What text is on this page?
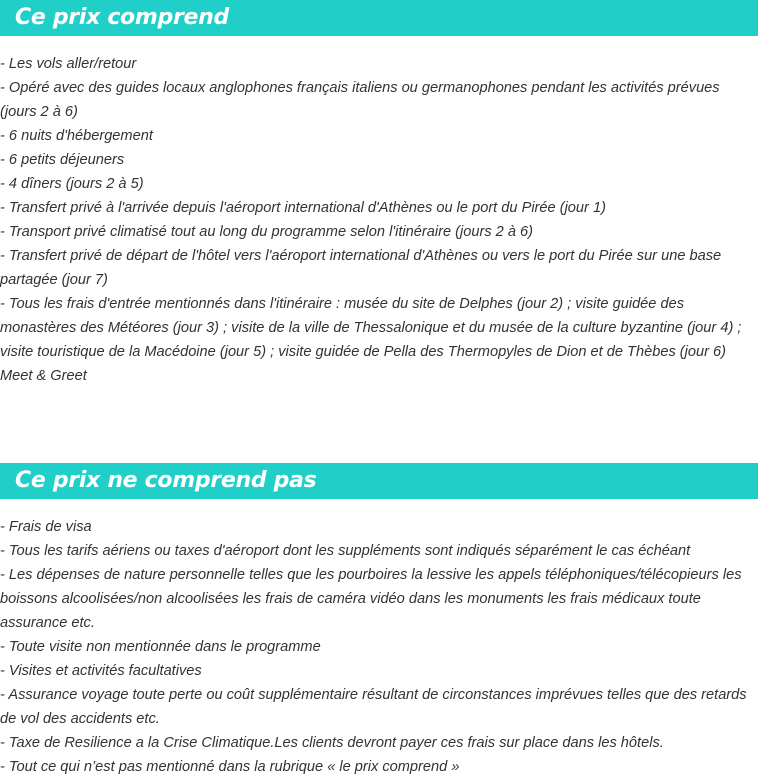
Ce prix comprend
- Les vols aller/retour
- Opéré avec des guides locaux anglophones français italiens ou germanophones pendant les activités prévues (jours 2 à 6)
- 6 nuits d'hébergement
- 6 petits déjeuners
- 4 dîners (jours 2 à 5)
- Transfert privé à l'arrivée depuis l'aéroport international d'Athènes ou le port du Pirée (jour 1)
- Transport privé climatisé tout au long du programme selon l'itinéraire (jours 2 à 6)
- Transfert privé de départ de l'hôtel vers l'aéroport international d'Athènes ou vers le port du Pirée sur une base partagée (jour 7)
- Tous les frais d'entrée mentionnés dans l'itinéraire : musée du site de Delphes (jour 2) ; visite guidée des monastères des Météores (jour 3) ; visite de la ville de Thessalonique et du musée de la culture byzantine (jour 4) ; visite touristique de la Macédoine (jour 5) ; visite guidée de Pella des Thermopyles de Dion et de Thèbes (jour 6)
Meet & Greet
Ce prix ne comprend pas
- Frais de visa
- Tous les tarifs aériens ou taxes d'aéroport dont les suppléments sont indiqués séparément le cas échéant
- Les dépenses de nature personnelle telles que les pourboires la lessive les appels téléphoniques/télécopieurs les boissons alcoolisées/non alcoolisées les frais de caméra vidéo dans les monuments les frais médicaux toute assurance etc.
- Toute visite non mentionnée dans le programme
- Visites et activités facultatives
- Assurance voyage toute perte ou coût supplémentaire résultant de circonstances imprévues telles que des retards de vol des accidents etc.
- Taxe de Resilience a la Crise Climatique.Les clients devront payer ces frais sur place dans les hôtels.
- Tout ce qui n’est pas mentionné dans la rubrique « le prix comprend »
